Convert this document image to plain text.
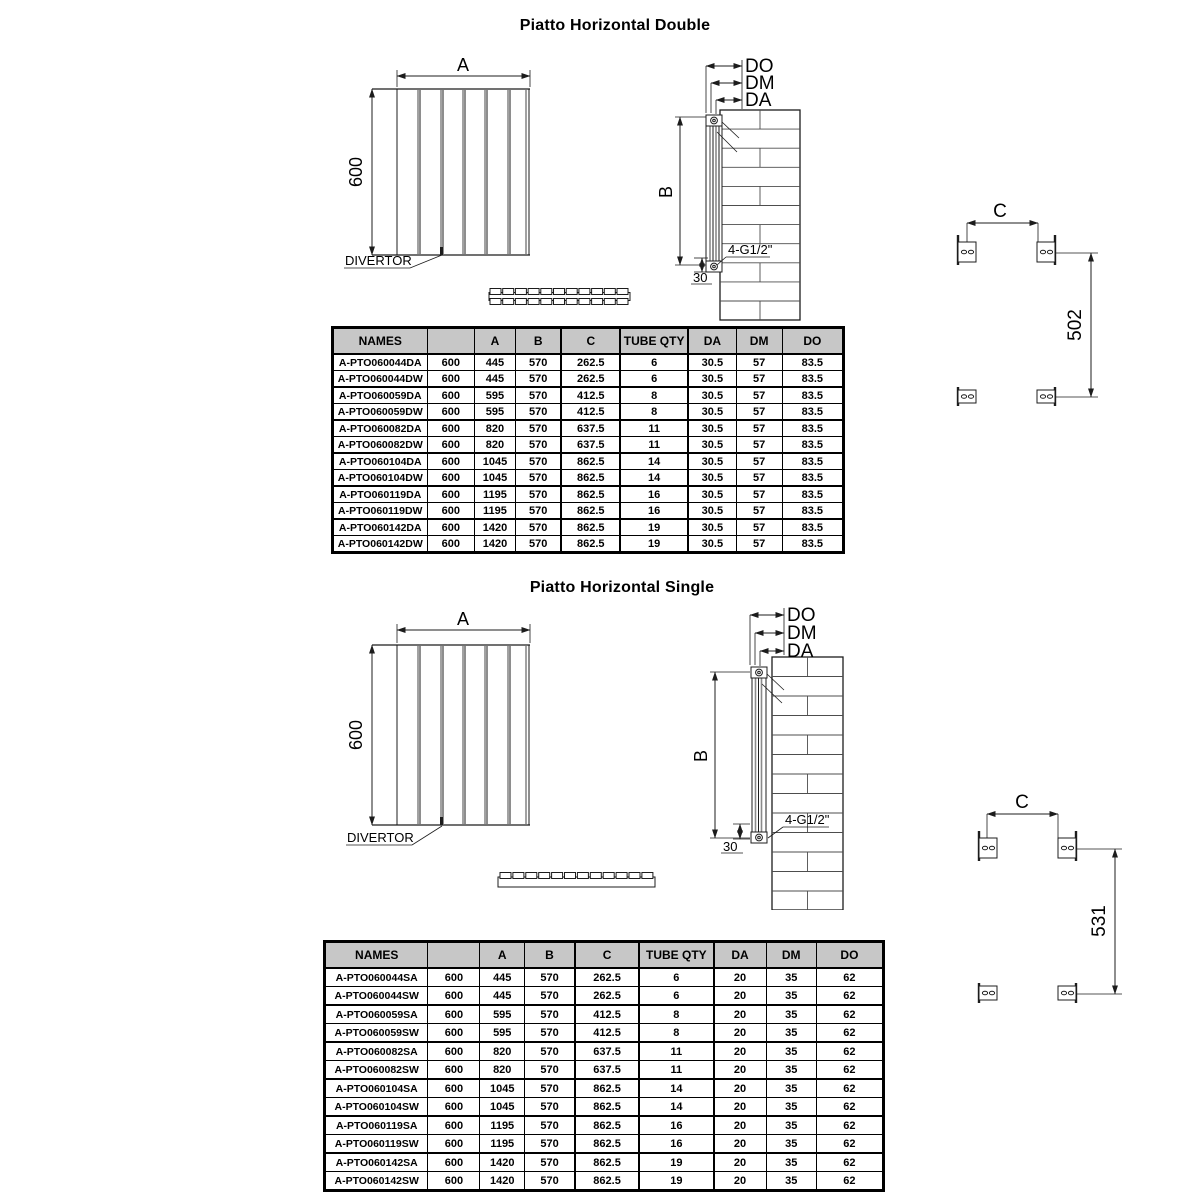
Piatto Horizontal Double
A
600
DIVERTOR
DO
DM
DA
B
4-G1/2"
30
C
502
NAMES		A	B	C	TUBE QTY	DA	DM	DO
A-PTO060044DA	600	445	570	262.5	6	30.5	57	83.5
A-PTO060044DW	600	445	570	262.5	6	30.5	57	83.5
A-PTO060059DA	600	595	570	412.5	8	30.5	57	83.5
A-PTO060059DW	600	595	570	412.5	8	30.5	57	83.5
A-PTO060082DA	600	820	570	637.5	11	30.5	57	83.5
A-PTO060082DW	600	820	570	637.5	11	30.5	57	83.5
A-PTO060104DA	600	1045	570	862.5	14	30.5	57	83.5
A-PTO060104DW	600	1045	570	862.5	14	30.5	57	83.5
A-PTO060119DA	600	1195	570	862.5	16	30.5	57	83.5
A-PTO060119DW	600	1195	570	862.5	16	30.5	57	83.5
A-PTO060142DA	600	1420	570	862.5	19	30.5	57	83.5
A-PTO060142DW	600	1420	570	862.5	19	30.5	57	83.5
Piatto Horizontal Single
A
600
DIVERTOR
DO
DM
DA
B
4-G1/2"
30
C
531
NAMES		A	B	C	TUBE QTY	DA	DM	DO
A-PTO060044SA	600	445	570	262.5	6	20	35	62
A-PTO060044SW	600	445	570	262.5	6	20	35	62
A-PTO060059SA	600	595	570	412.5	8	20	35	62
A-PTO060059SW	600	595	570	412.5	8	20	35	62
A-PTO060082SA	600	820	570	637.5	11	20	35	62
A-PTO060082SW	600	820	570	637.5	11	20	35	62
A-PTO060104SA	600	1045	570	862.5	14	20	35	62
A-PTO060104SW	600	1045	570	862.5	14	20	35	62
A-PTO060119SA	600	1195	570	862.5	16	20	35	62
A-PTO060119SW	600	1195	570	862.5	16	20	35	62
A-PTO060142SA	600	1420	570	862.5	19	20	35	62
A-PTO060142SW	600	1420	570	862.5	19	20	35	62
